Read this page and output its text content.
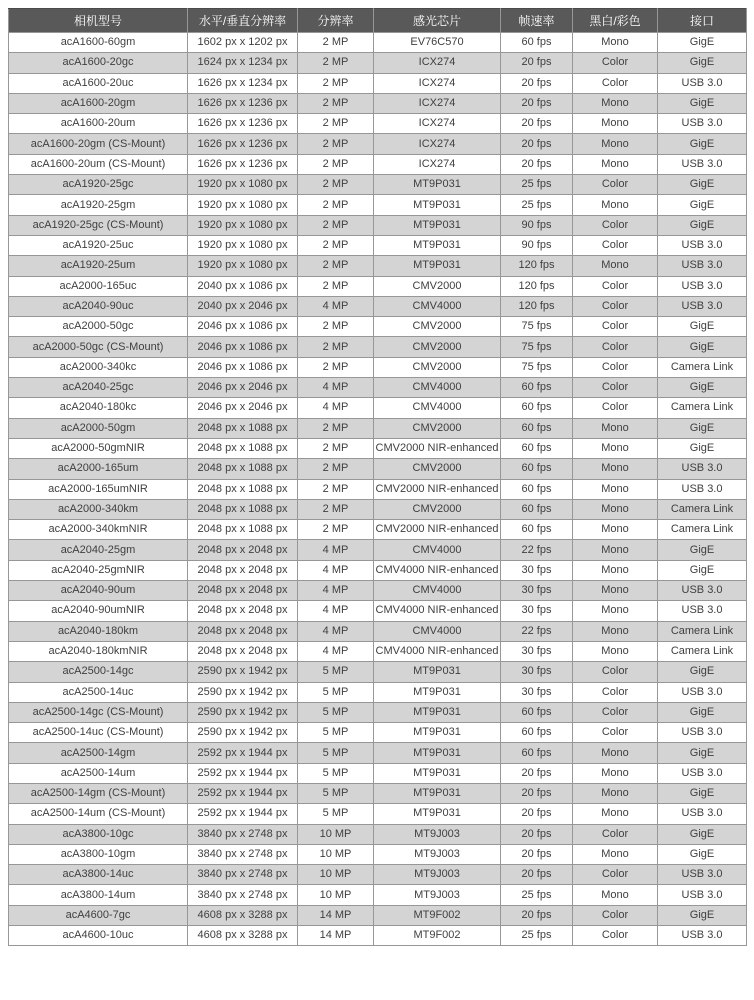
相机型号	水平/垂直分辨率	分辨率	感光芯片	帧速率	黑白/彩色	接口
acA1600-60gm	1602 px x 1202 px	2 MP	EV76C570	60 fps	Mono	GigE
acA1600-20gc	1624 px x 1234 px	2 MP	ICX274	20 fps	Color	GigE
acA1600-20uc	1626 px x 1234 px	2 MP	ICX274	20 fps	Color	USB 3.0
acA1600-20gm	1626 px x 1236 px	2 MP	ICX274	20 fps	Mono	GigE
acA1600-20um	1626 px x 1236 px	2 MP	ICX274	20 fps	Mono	USB 3.0
acA1600-20gm (CS-Mount)	1626 px x 1236 px	2 MP	ICX274	20 fps	Mono	GigE
acA1600-20um (CS-Mount)	1626 px x 1236 px	2 MP	ICX274	20 fps	Mono	USB 3.0
acA1920-25gc	1920 px x 1080 px	2 MP	MT9P031	25 fps	Color	GigE
acA1920-25gm	1920 px x 1080 px	2 MP	MT9P031	25 fps	Mono	GigE
acA1920-25gc (CS-Mount)	1920 px x 1080 px	2 MP	MT9P031	90 fps	Color	GigE
acA1920-25uc	1920 px x 1080 px	2 MP	MT9P031	90 fps	Color	USB 3.0
acA1920-25um	1920 px x 1080 px	2 MP	MT9P031	120 fps	Mono	USB 3.0
acA2000-165uc	2040 px x 1086 px	2 MP	CMV2000	120 fps	Color	USB 3.0
acA2040-90uc	2040 px x 2046 px	4 MP	CMV4000	120 fps	Color	USB 3.0
acA2000-50gc	2046 px x 1086 px	2 MP	CMV2000	75 fps	Color	GigE
acA2000-50gc (CS-Mount)	2046 px x 1086 px	2 MP	CMV2000	75 fps	Color	GigE
acA2000-340kc	2046 px x 1086 px	2 MP	CMV2000	75 fps	Color	Camera Link
acA2040-25gc	2046 px x 2046 px	4 MP	CMV4000	60 fps	Color	GigE
acA2040-180kc	2046 px x 2046 px	4 MP	CMV4000	60 fps	Color	Camera Link
acA2000-50gm	2048 px x 1088 px	2 MP	CMV2000	60 fps	Mono	GigE
acA2000-50gmNIR	2048 px x 1088 px	2 MP	CMV2000 NIR-enhanced	60 fps	Mono	GigE
acA2000-165um	2048 px x 1088 px	2 MP	CMV2000	60 fps	Mono	USB 3.0
acA2000-165umNIR	2048 px x 1088 px	2 MP	CMV2000 NIR-enhanced	60 fps	Mono	USB 3.0
acA2000-340km	2048 px x 1088 px	2 MP	CMV2000	60 fps	Mono	Camera Link
acA2000-340kmNIR	2048 px x 1088 px	2 MP	CMV2000 NIR-enhanced	60 fps	Mono	Camera Link
acA2040-25gm	2048 px x 2048 px	4 MP	CMV4000	22 fps	Mono	GigE
acA2040-25gmNIR	2048 px x 2048 px	4 MP	CMV4000 NIR-enhanced	30 fps	Mono	GigE
acA2040-90um	2048 px x 2048 px	4 MP	CMV4000	30 fps	Mono	USB 3.0
acA2040-90umNIR	2048 px x 2048 px	4 MP	CMV4000 NIR-enhanced	30 fps	Mono	USB 3.0
acA2040-180km	2048 px x 2048 px	4 MP	CMV4000	22 fps	Mono	Camera Link
acA2040-180kmNIR	2048 px x 2048 px	4 MP	CMV4000 NIR-enhanced	30 fps	Mono	Camera Link
acA2500-14gc	2590 px x 1942 px	5 MP	MT9P031	30 fps	Color	GigE
acA2500-14uc	2590 px x 1942 px	5 MP	MT9P031	30 fps	Color	USB 3.0
acA2500-14gc (CS-Mount)	2590 px x 1942 px	5 MP	MT9P031	60 fps	Color	GigE
acA2500-14uc (CS-Mount)	2590 px x 1942 px	5 MP	MT9P031	60 fps	Color	USB 3.0
acA2500-14gm	2592 px x 1944 px	5 MP	MT9P031	60 fps	Mono	GigE
acA2500-14um	2592 px x 1944 px	5 MP	MT9P031	20 fps	Mono	USB 3.0
acA2500-14gm (CS-Mount)	2592 px x 1944 px	5 MP	MT9P031	20 fps	Mono	GigE
acA2500-14um (CS-Mount)	2592 px x 1944 px	5 MP	MT9P031	20 fps	Mono	USB 3.0
acA3800-10gc	3840 px x 2748 px	10 MP	MT9J003	20 fps	Color	GigE
acA3800-10gm	3840 px x 2748 px	10 MP	MT9J003	20 fps	Mono	GigE
acA3800-14uc	3840 px x 2748 px	10 MP	MT9J003	20 fps	Color	USB 3.0
acA3800-14um	3840 px x 2748 px	10 MP	MT9J003	25 fps	Mono	USB 3.0
acA4600-7gc	4608 px x 3288 px	14 MP	MT9F002	20 fps	Color	GigE
acA4600-10uc	4608 px x 3288 px	14 MP	MT9F002	25 fps	Color	USB 3.0
